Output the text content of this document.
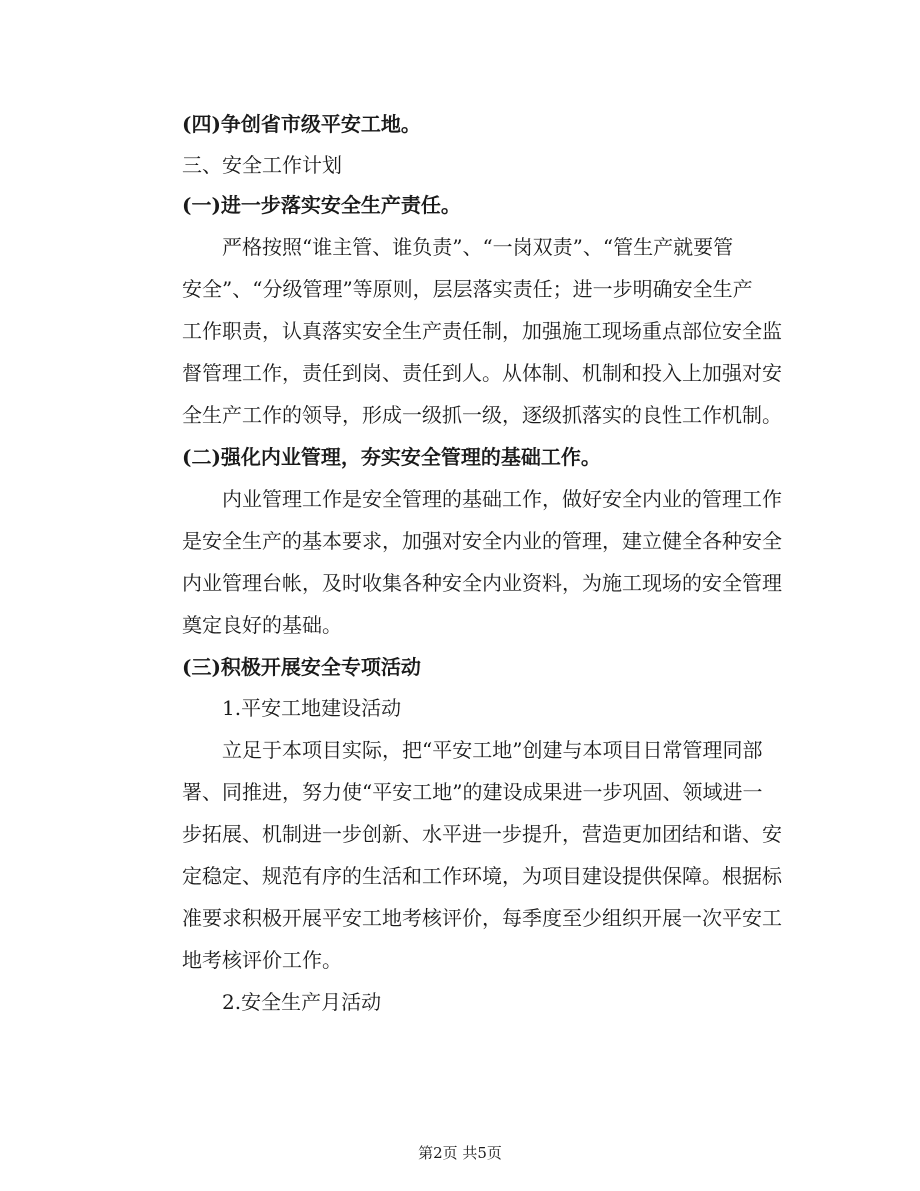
(四)争创省市级平安工地。
三、安全工作计划
(一)进一步落实安全生产责任。
严格按照“谁主管、谁负责”、“一岗双责”、“管生产就要管
安全”、“分级管理”等原则，层层落实责任；进一步明确安全生产
工作职责，认真落实安全生产责任制，加强施工现场重点部位安全监
督管理工作，责任到岗、责任到人。从体制、机制和投入上加强对安
全生产工作的领导，形成一级抓一级，逐级抓落实的良性工作机制。
(二)强化内业管理，夯实安全管理的基础工作。
内业管理工作是安全管理的基础工作，做好安全内业的管理工作
是安全生产的基本要求，加强对安全内业的管理，建立健全各种安全
内业管理台帐，及时收集各种安全内业资料，为施工现场的安全管理
奠定良好的基础。
(三)积极开展安全专项活动
1.平安工地建设活动
立足于本项目实际，把“平安工地”创建与本项目日常管理同部
署、同推进，努力使“平安工地”的建设成果进一步巩固、领域进一
步拓展、机制进一步创新、水平进一步提升，营造更加团结和谐、安
定稳定、规范有序的生活和工作环境，为项目建设提供保障。根据标
准要求积极开展平安工地考核评价，每季度至少组织开展一次平安工
地考核评价工作。
2.安全生产月活动
第2页 共5页
